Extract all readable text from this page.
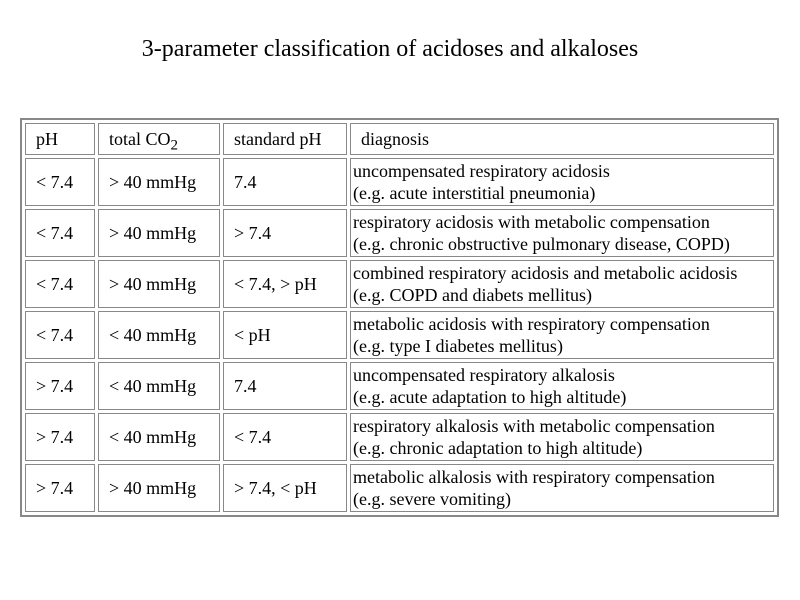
3-parameter classification of acidoses and alkaloses
pH	total $CO_2$	standard pH	diagnosis
< 7.4	> 40 mmHg	7.4	uncompensated respiratory acidosis
(e.g. acute interstitial pneumonia)

< 7.4	> 40 mmHg	> 7.4	respiratory acidosis with metabolic compensation
(e.g. chronic obstructive pulmonary disease, COPD)

< 7.4	> 40 mmHg	< 7.4, > pH	combined respiratory acidosis and metabolic acidosis
(e.g. COPD and diabets mellitus)

< 7.4	< 40 mmHg	< pH	metabolic acidosis with respiratory compensation
(e.g. type I diabetes mellitus)

> 7.4	< 40 mmHg	7.4	uncompensated respiratory alkalosis
(e.g. acute adaptation to high altitude)

> 7.4	< 40 mmHg	< 7.4	respiratory alkalosis with metabolic compensation
(e.g. chronic adaptation to high altitude)

> 7.4	> 40 mmHg	> 7.4, < pH	metabolic alkalosis with respiratory compensation
(e.g. severe vomiting)
